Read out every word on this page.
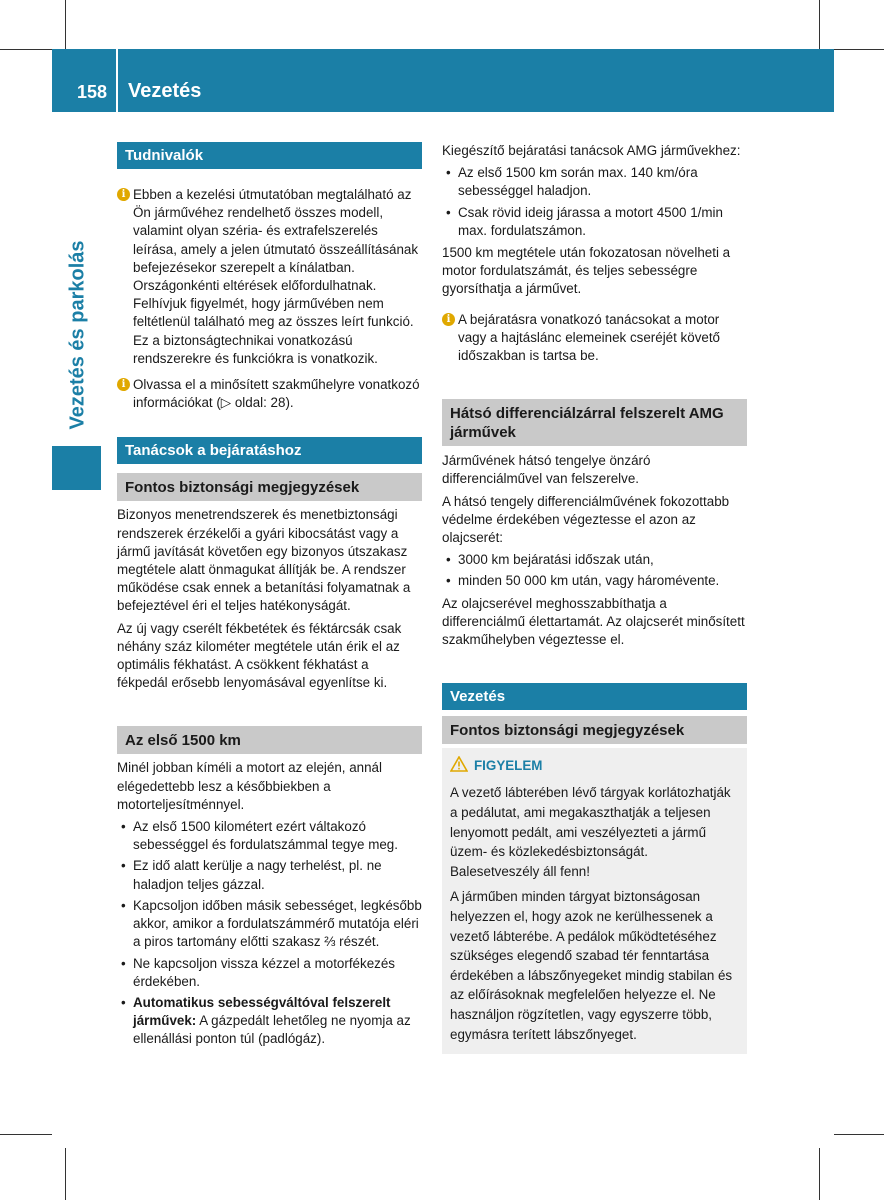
158 Vezetés
Vezetés és parkolás
Tudnivalók
i Ebben a kezelési útmutatóban megtalálható az Ön járművéhez rendelhető összes modell, valamint olyan széria- és extrafelszerelés leírása, amely a jelen útmutató összeállításának befejezésekor szerepelt a kínálatban. Országonkénti eltérések előfordulhatnak. Felhívjuk figyelmét, hogy járművében nem feltétlenül található meg az összes leírt funkció. Ez a biztonságtechnikai vonatkozású rendszerekre és funkciókra is vonatkozik.
i Olvassa el a minősített szakműhelyre vonatkozó információkat (▷ oldal: 28).
Tanácsok a bejáratáshoz
Fontos biztonsági megjegyzések

Bizonyos menetrendszerek és menetbiztonsági rendszerek érzékelői a gyári kibocsátást vagy a jármű javítását követően egy bizonyos útszakasz megtétele alatt önmagukat állítják be. A rendszer működése csak ennek a betanítási folyamatnak a befejeztével éri el teljes hatékonyságát.

Az új vagy cserélt fékbetétek és féktárcsák csak néhány száz kilométer megtétele után érik el az optimális fékhatást. A csökkent fékhatást a fékpedál erősebb lenyomásával egyenlítse ki.

Az első 1500 km

Minél jobban kíméli a motort az elején, annál elégedettebb lesz a későbbiekben a motorteljesítménnyel.

• Az első 1500 kilométert ezért váltakozó sebességgel és fordulatszámmal tegye meg.
• Ez idő alatt kerülje a nagy terhelést, pl. ne haladjon teljes gázzal.
• Kapcsoljon időben másik sebességet, legkésőbb akkor, amikor a fordulatszámmérő mutatója eléri a piros tartomány előtti szakasz ⅔ részét.
• Ne kapcsoljon vissza kézzel a motorfékezés érdekében.
• Automatikus sebességváltóval felszerelt járművek: A gázpedált lehetőleg ne nyomja az ellenállási ponton túl (padlógáz).

Kiegészítő bejáratási tanácsok AMG járművekhez:

• Az első 1500 km során max. 140 km/óra sebességgel haladjon.
• Csak rövid ideig járassa a motort 4500 1/min max. fordulatszámon.

1500 km megtétele után fokozatosan növelheti a motor fordulatszámát, és teljes sebességre gyorsíthatja a járművet.

i A bejáratásra vonatkozó tanácsokat a motor vagy a hajtáslánc elemeinek cseréjét követő időszakban is tartsa be.
Hátsó differenciálzárral felszerelt AMG járművek

Járművének hátsó tengelye önzáró differenciálművel van felszerelve.

A hátsó tengely differenciálművének fokozottabb védelme érdekében végeztesse el azon az olajcserét:

• 3000 km bejáratási időszak után,
• minden 50 000 km után, vagy háromévente.

Az olajcserével meghosszabbíthatja a differenciálmű élettartamát. Az olajcserét minősített szakműhelyben végeztesse el.

Vezetés
Fontos biztonsági megjegyzések
FIGYELEM

A vezető lábterében lévő tárgyak korlátozhatják a pedálutat, ami megakaszthatják a teljesen lenyomott pedált, ami veszélyezteti a jármű üzem- és közlekedésbiztonságát. Balesetveszély áll fenn!

A járműben minden tárgyat biztonságosan helyezzen el, hogy azok ne kerülhessenek a vezető lábterébe. A pedálok működtetéséhez szükséges elegendő szabad tér fenntartása érdekében a lábszőnyegeket mindig stabilan és az előírásoknak megfelelően helyezze el. Ne használjon rögzítetlen, vagy egyszerre több, egymásra terített lábszőnyeget.
